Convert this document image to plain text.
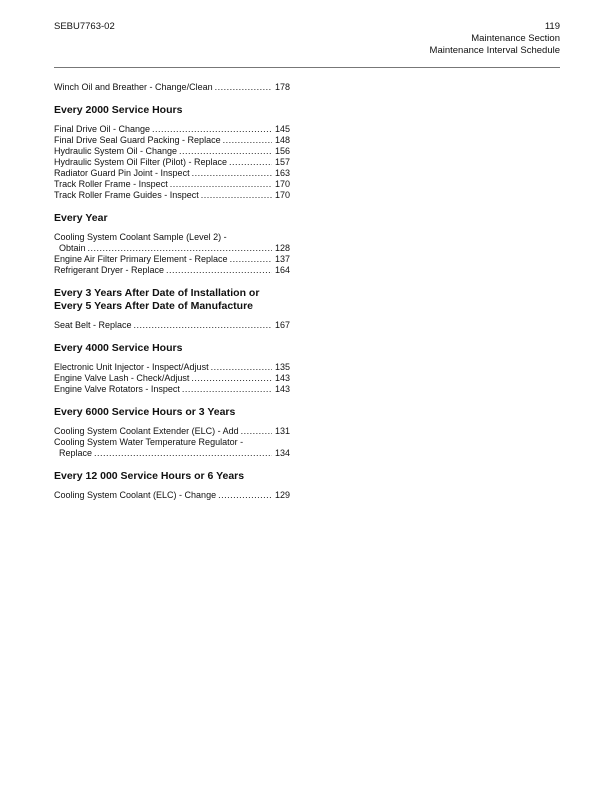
SEBU7763-02	119
Maintenance Section
Maintenance Interval Schedule
Winch Oil and Breather - Change/Clean .....	178
Every 2000 Service Hours
Final Drive Oil - Change .....	145
Final Drive Seal Guard Packing - Replace .....	148
Hydraulic System Oil - Change .....	156
Hydraulic System Oil Filter (Pilot) - Replace .....	157
Radiator Guard Pin Joint - Inspect .....	163
Track Roller Frame - Inspect .....	170
Track Roller Frame Guides - Inspect .....	170
Every Year
Cooling System Coolant Sample (Level 2) -
Obtain .....	128
Engine Air Filter Primary Element - Replace .....	137
Refrigerant Dryer - Replace .....	164
Every 3 Years After Date of Installation or
Every 5 Years After Date of Manufacture
Seat Belt - Replace .....	167
Every 4000 Service Hours
Electronic Unit Injector - Inspect/Adjust .....	135
Engine Valve Lash - Check/Adjust .....	143
Engine Valve Rotators - Inspect .....	143
Every 6000 Service Hours or 3 Years
Cooling System Coolant Extender (ELC) - Add .....	131
Cooling System Water Temperature Regulator -
Replace .....	134
Every 12 000 Service Hours or 6 Years
Cooling System Coolant (ELC) - Change .....	129
